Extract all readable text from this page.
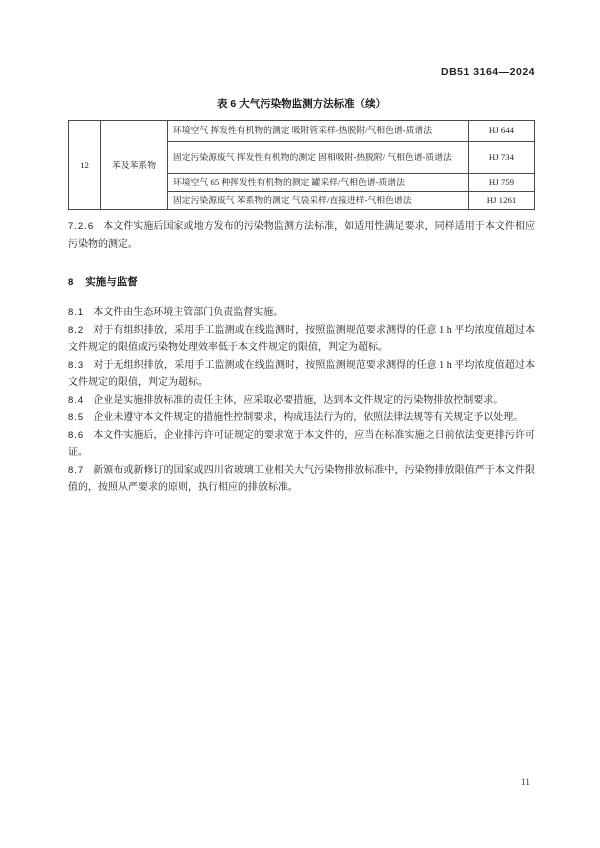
DB51 3164—2024
表 6 大气污染物监测方法标准（续）
12	苯及苯系物	环境空气 挥发性有机物的测定 吸附管采样-热脱附/气相色谱-质谱法	HJ 644
		固定污染源废气 挥发性有机物的测定 固相吸附-热脱附/ 气相色谱-质谱法	HJ 734
		环境空气 65 种挥发性有机物的测定 罐采样/气相色谱-质谱法	HJ 759
		固定污染源废气 苯系物的测定 气袋采样/直接进样-气相色谱法	HJ 1261

7.2.6 本文件实施后国家或地方发布的污染物监测方法标准，如适用性满足要求，同样适用于本文件相应污染物的测定。

8 实施与监督

8.1 本文件由生态环境主管部门负责监督实施。

8.2 对于有组织排放，采用手工监测或在线监测时，按照监测规范要求测得的任意 1 h 平均浓度值超过本文件规定的限值或污染物处理效率低于本文件规定的限值，判定为超标。

8.3 对于无组织排放，采用手工监测或在线监测时，按照监测规范要求测得的任意 1 h 平均浓度值超过本文件规定的限值，判定为超标。

8.4 企业是实施排放标准的责任主体，应采取必要措施，达到本文件规定的污染物排放控制要求。

8.5 企业未遵守本文件规定的措施性控制要求，构成违法行为的，依照法律法规等有关规定予以处理。

8.6 本文件实施后，企业排污许可证规定的要求宽于本文件的，应当在标准实施之日前依法变更排污许可证。

8.7 新颁布或新修订的国家或四川省玻璃工业相关大气污染物排放标准中，污染物排放限值严于本文件限值的，按照从严要求的原则，执行相应的排放标准。

11
